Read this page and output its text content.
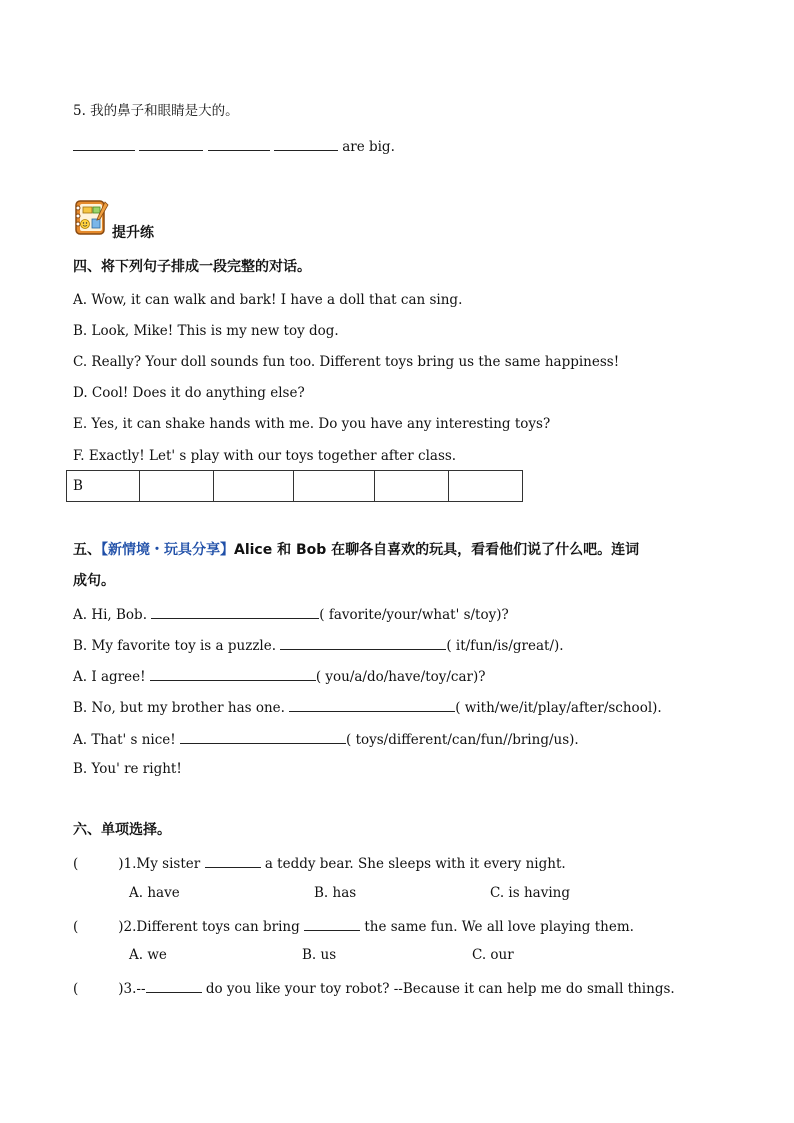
5. 我的鼻子和眼睛是大的。
are big.
提升练
四、将下列句子排成一段完整的对话。
A. Wow, it can walk and bark! I have a doll that can sing.
B. Look, Mike! This is my new toy dog.
C. Really? Your doll sounds fun too. Different toys bring us the same happiness!
D. Cool! Does it do anything else?
E. Yes, it can shake hands with me. Do you have any interesting toys?
F. Exactly! Let' s play with our toys together after class.
B					
五、【新情境・玩具分享】Alice 和 Bob 在聊各自喜欢的玩具，看看他们说了什么吧。连词
成句。
A. Hi, Bob.	( favorite/your/what' s/toy)?
B. My favorite toy is a puzzle.	( it/fun/is/great/).
A. I agree!	( you/a/do/have/toy/car)?
B. No, but my brother has one.	( with/we/it/play/after/school).
A. That' s nice!	( toys/different/can/fun//bring/us).
B. You' re right!
六、单项选择。
(	)1.My sister	a teddy bear. She sleeps with it every night.
A. have	B. has	C. is having
(	)2.Different toys can bring	the same fun. We all love playing them.
A. we	B. us	C. our
(	)3.--	do you like your toy robot? --Because it can help me do small things.
